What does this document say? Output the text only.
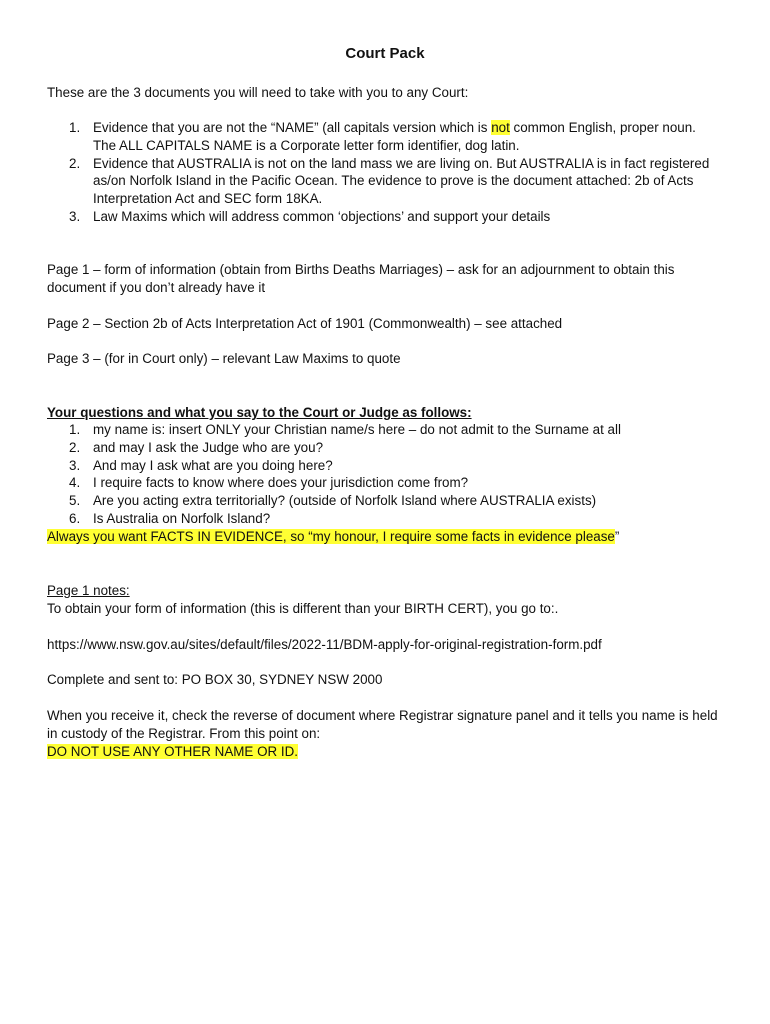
Court Pack
These are the 3 documents you will need to take with you to any Court:
1. Evidence that you are not the “NAME” (all capitals version which is not common English, proper noun. The ALL CAPITALS NAME is a Corporate letter form identifier, dog latin.
2. Evidence that AUSTRALIA is not on the land mass we are living on. But AUSTRALIA is in fact registered as/on Norfolk Island in the Pacific Ocean. The evidence to prove is the document attached: 2b of Acts Interpretation Act and SEC form 18KA.
3. Law Maxims which will address common ‘objections’ and support your details
Page 1 – form of information (obtain from Births Deaths Marriages) – ask for an adjournment to obtain this document if you don’t already have it
Page 2 – Section 2b of Acts Interpretation Act of 1901 (Commonwealth) – see attached
Page 3 – (for in Court only) – relevant Law Maxims to quote
Your questions and what you say to the Court or Judge as follows:
1. my name is: insert ONLY your Christian name/s here – do not admit to the Surname at all
2. and may I ask the Judge who are you?
3. And may I ask what are you doing here?
4. I require facts to know where does your jurisdiction come from?
5. Are you acting extra territorially? (outside of Norfolk Island where AUSTRALIA exists)
6. Is Australia on Norfolk Island?
Always you want FACTS IN EVIDENCE, so “my honour, I require some facts in evidence please”
Page 1 notes:
To obtain your form of information (this is different than your BIRTH CERT), you go to:.
https://www.nsw.gov.au/sites/default/files/2022-11/BDM-apply-for-original-registration-form.pdf
Complete and sent to: PO BOX 30, SYDNEY NSW 2000
When you receive it, check the reverse of document where Registrar signature panel and it tells you name is held in custody of the Registrar. From this point on:
DO NOT USE ANY OTHER NAME OR ID.
